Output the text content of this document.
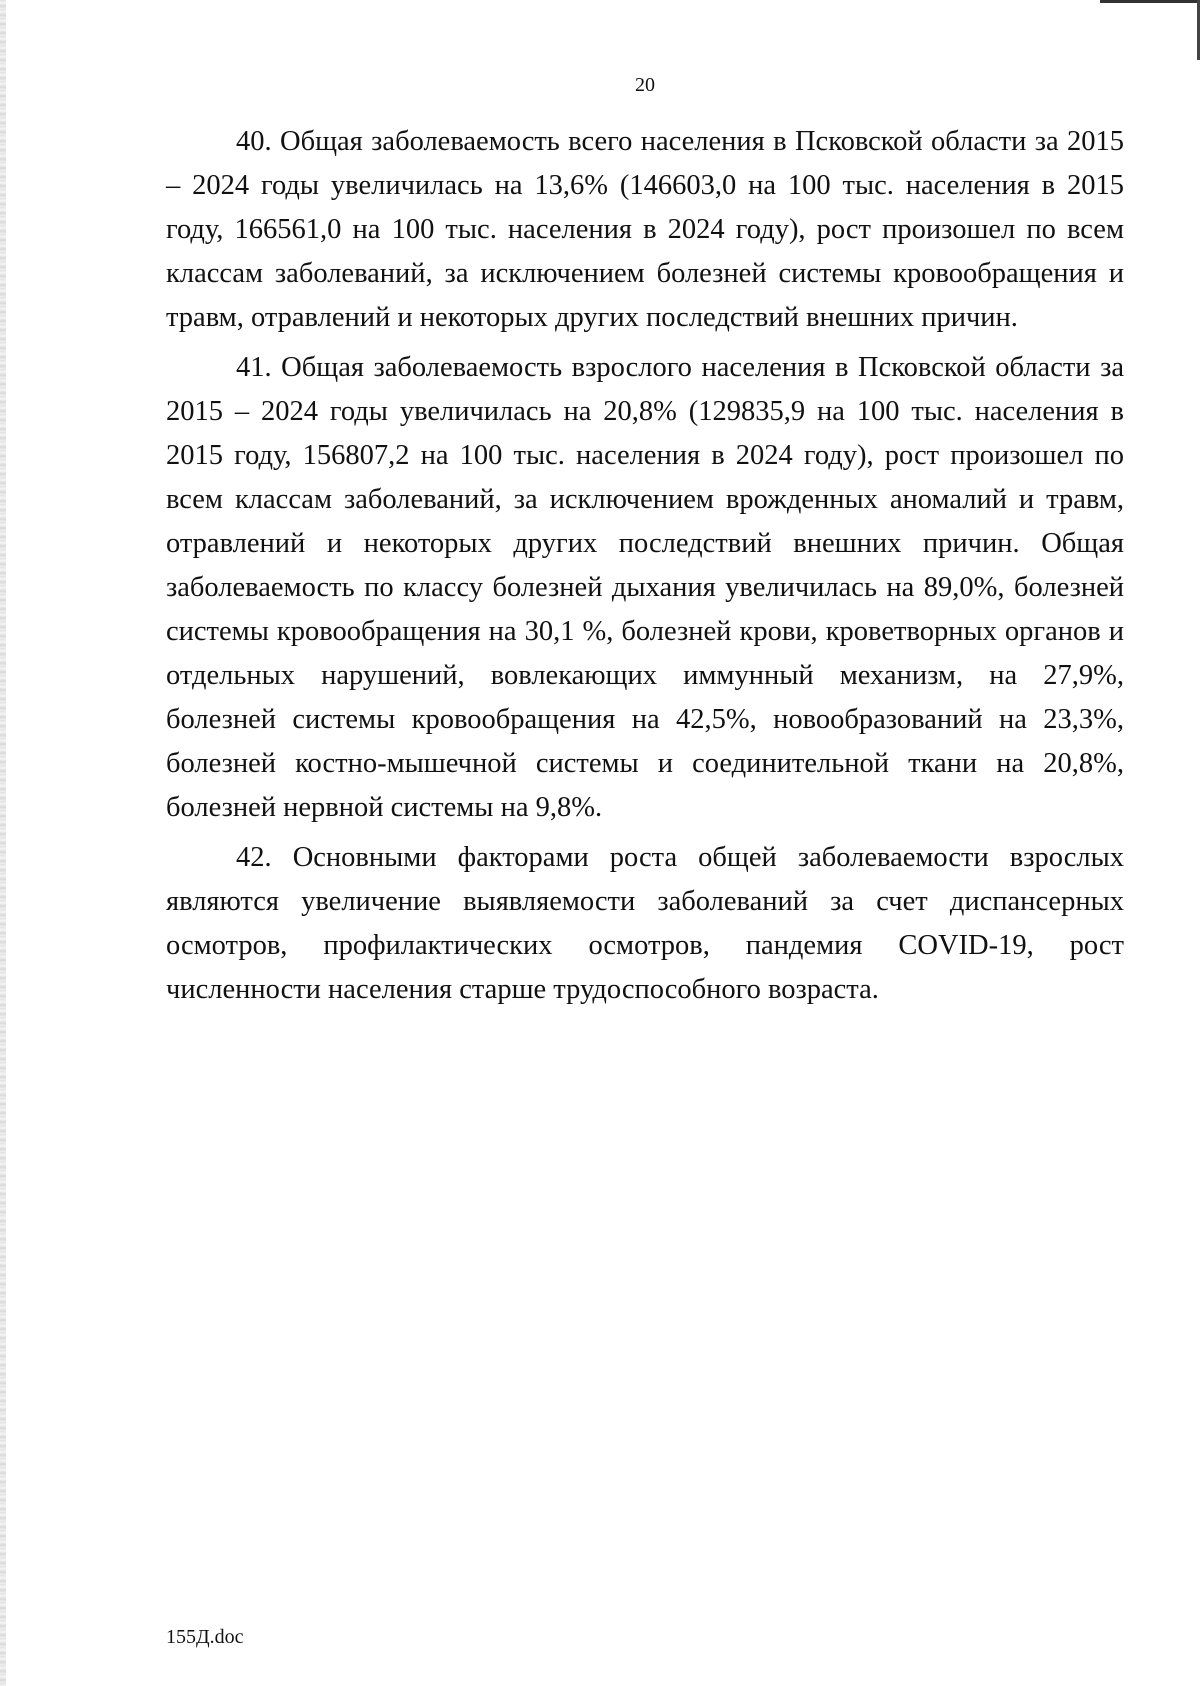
20

40. Общая заболеваемость всего населения в Псковской области за 2015 – 2024 годы увеличилась на 13,6% (146603,0 на 100 тыс. населения в 2015 году, 166561,0 на 100 тыс. населения в 2024 году), рост произошел по всем классам заболеваний, за исключением болезней системы кровообращения и травм, отравлений и некоторых других последствий внешних причин.

41. Общая заболеваемость взрослого населения в Псковской области за 2015 – 2024 годы увеличилась на 20,8% (129835,9 на 100 тыс. населения в 2015 году, 156807,2 на 100 тыс. населения в 2024 году), рост произошел по всем классам заболеваний, за исключением врожденных аномалий и травм, отравлений и некоторых других последствий внешних причин. Общая заболеваемость по классу болезней дыхания увеличилась на 89,0%, болезней системы кровообращения на 30,1 %, болезней крови, кроветворных органов и отдельных нарушений, вовлекающих иммунный механизм, на 27,9%, болезней системы кровообращения на 42,5%, новообразований на 23,3%, болезней костно-мышечной системы и соединительной ткани на 20,8%, болезней нервной системы на 9,8%.

42. Основными факторами роста общей заболеваемости взрослых являются увеличение выявляемости заболеваний за счет диспансерных осмотров, профилактических осмотров, пандемия COVID-19, рост численности населения старше трудоспособного возраста.

155Д.doc
